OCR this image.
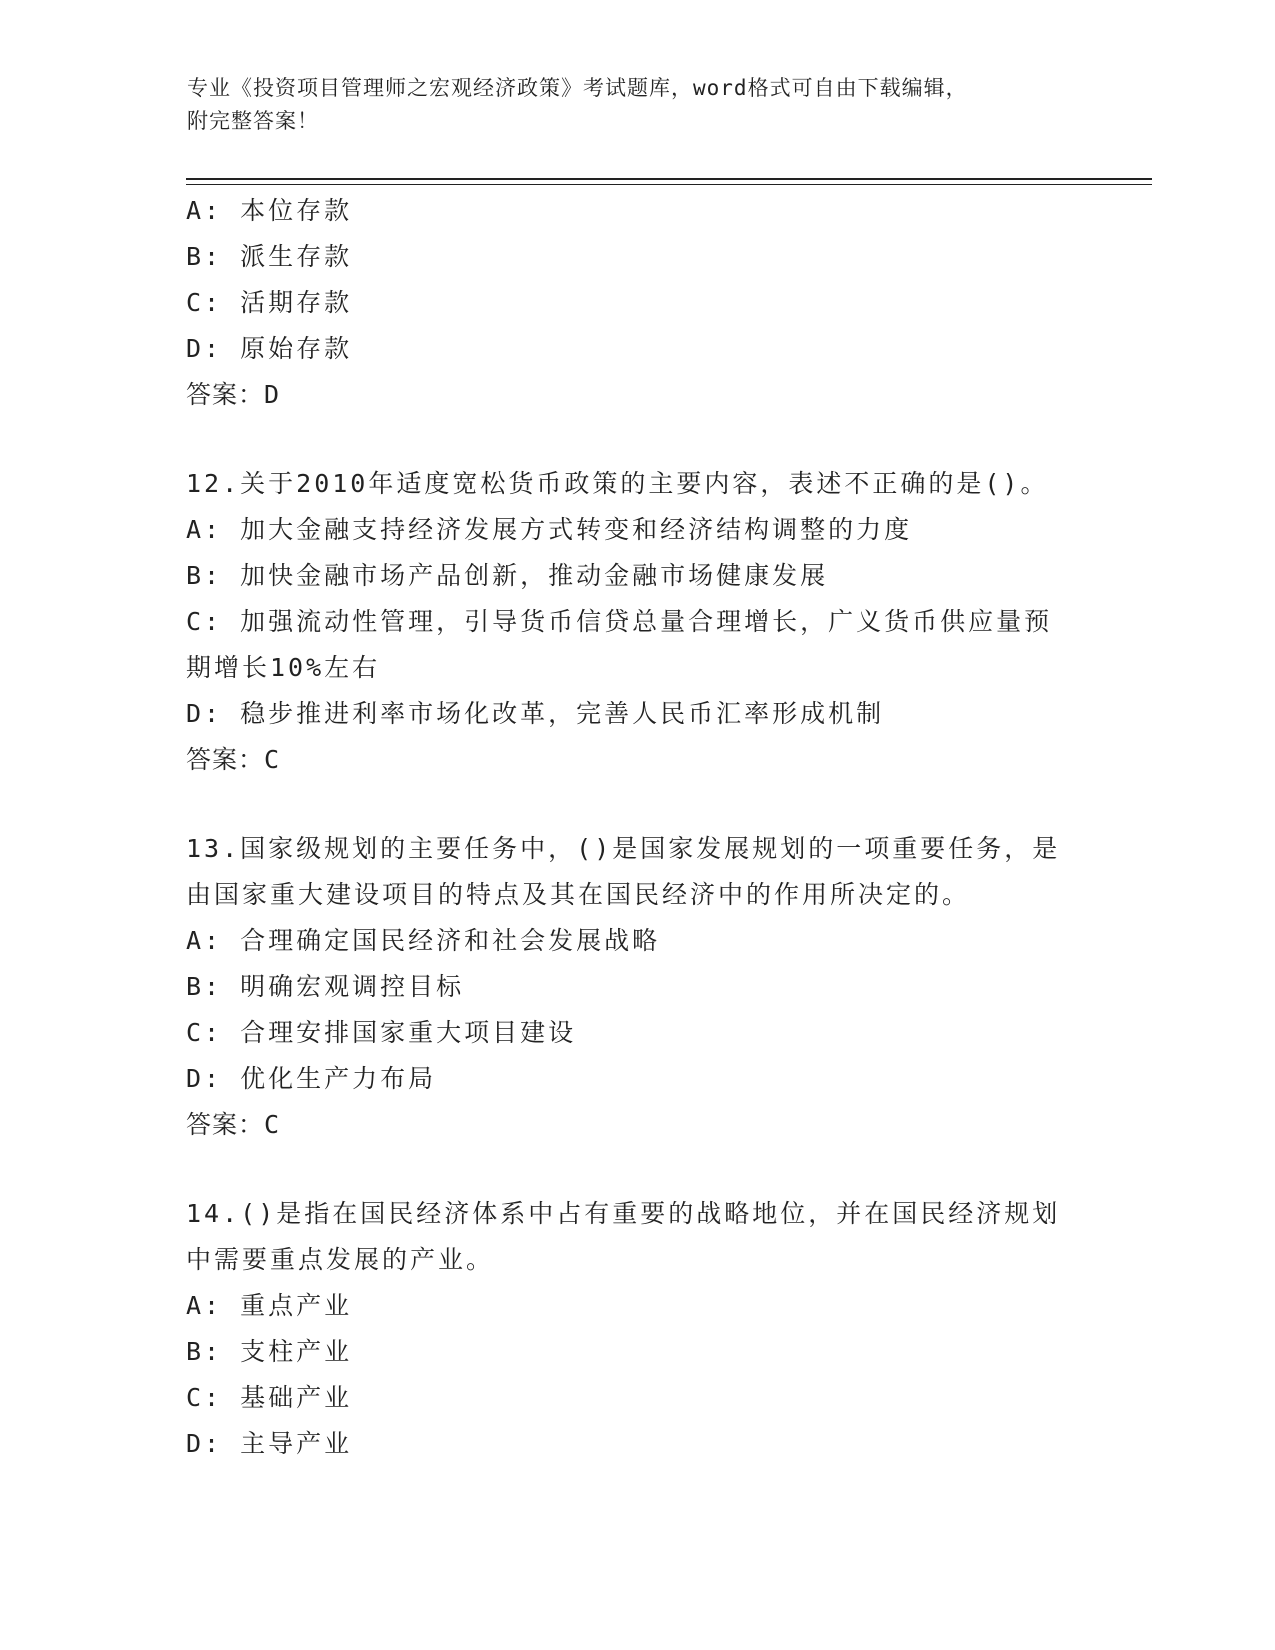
专业《投资项目管理师之宏观经济政策》考试题库，word格式可自由下载编辑，
附完整答案！
A: 本位存款
B: 派生存款
C: 活期存款
D: 原始存款
答案：D
12.关于2010年适度宽松货币政策的主要内容，表述不正确的是()。
A: 加大金融支持经济发展方式转变和经济结构调整的力度
B: 加快金融市场产品创新，推动金融市场健康发展
C: 加强流动性管理，引导货币信贷总量合理增长，广义货币供应量预
期增长10%左右
D: 稳步推进利率市场化改革，完善人民币汇率形成机制
答案：C
13.国家级规划的主要任务中，()是国家发展规划的一项重要任务，是
由国家重大建设项目的特点及其在国民经济中的作用所决定的。
A: 合理确定国民经济和社会发展战略
B: 明确宏观调控目标
C: 合理安排国家重大项目建设
D: 优化生产力布局
答案：C
14.()是指在国民经济体系中占有重要的战略地位，并在国民经济规划
中需要重点发展的产业。
A: 重点产业
B: 支柱产业
C: 基础产业
D: 主导产业
